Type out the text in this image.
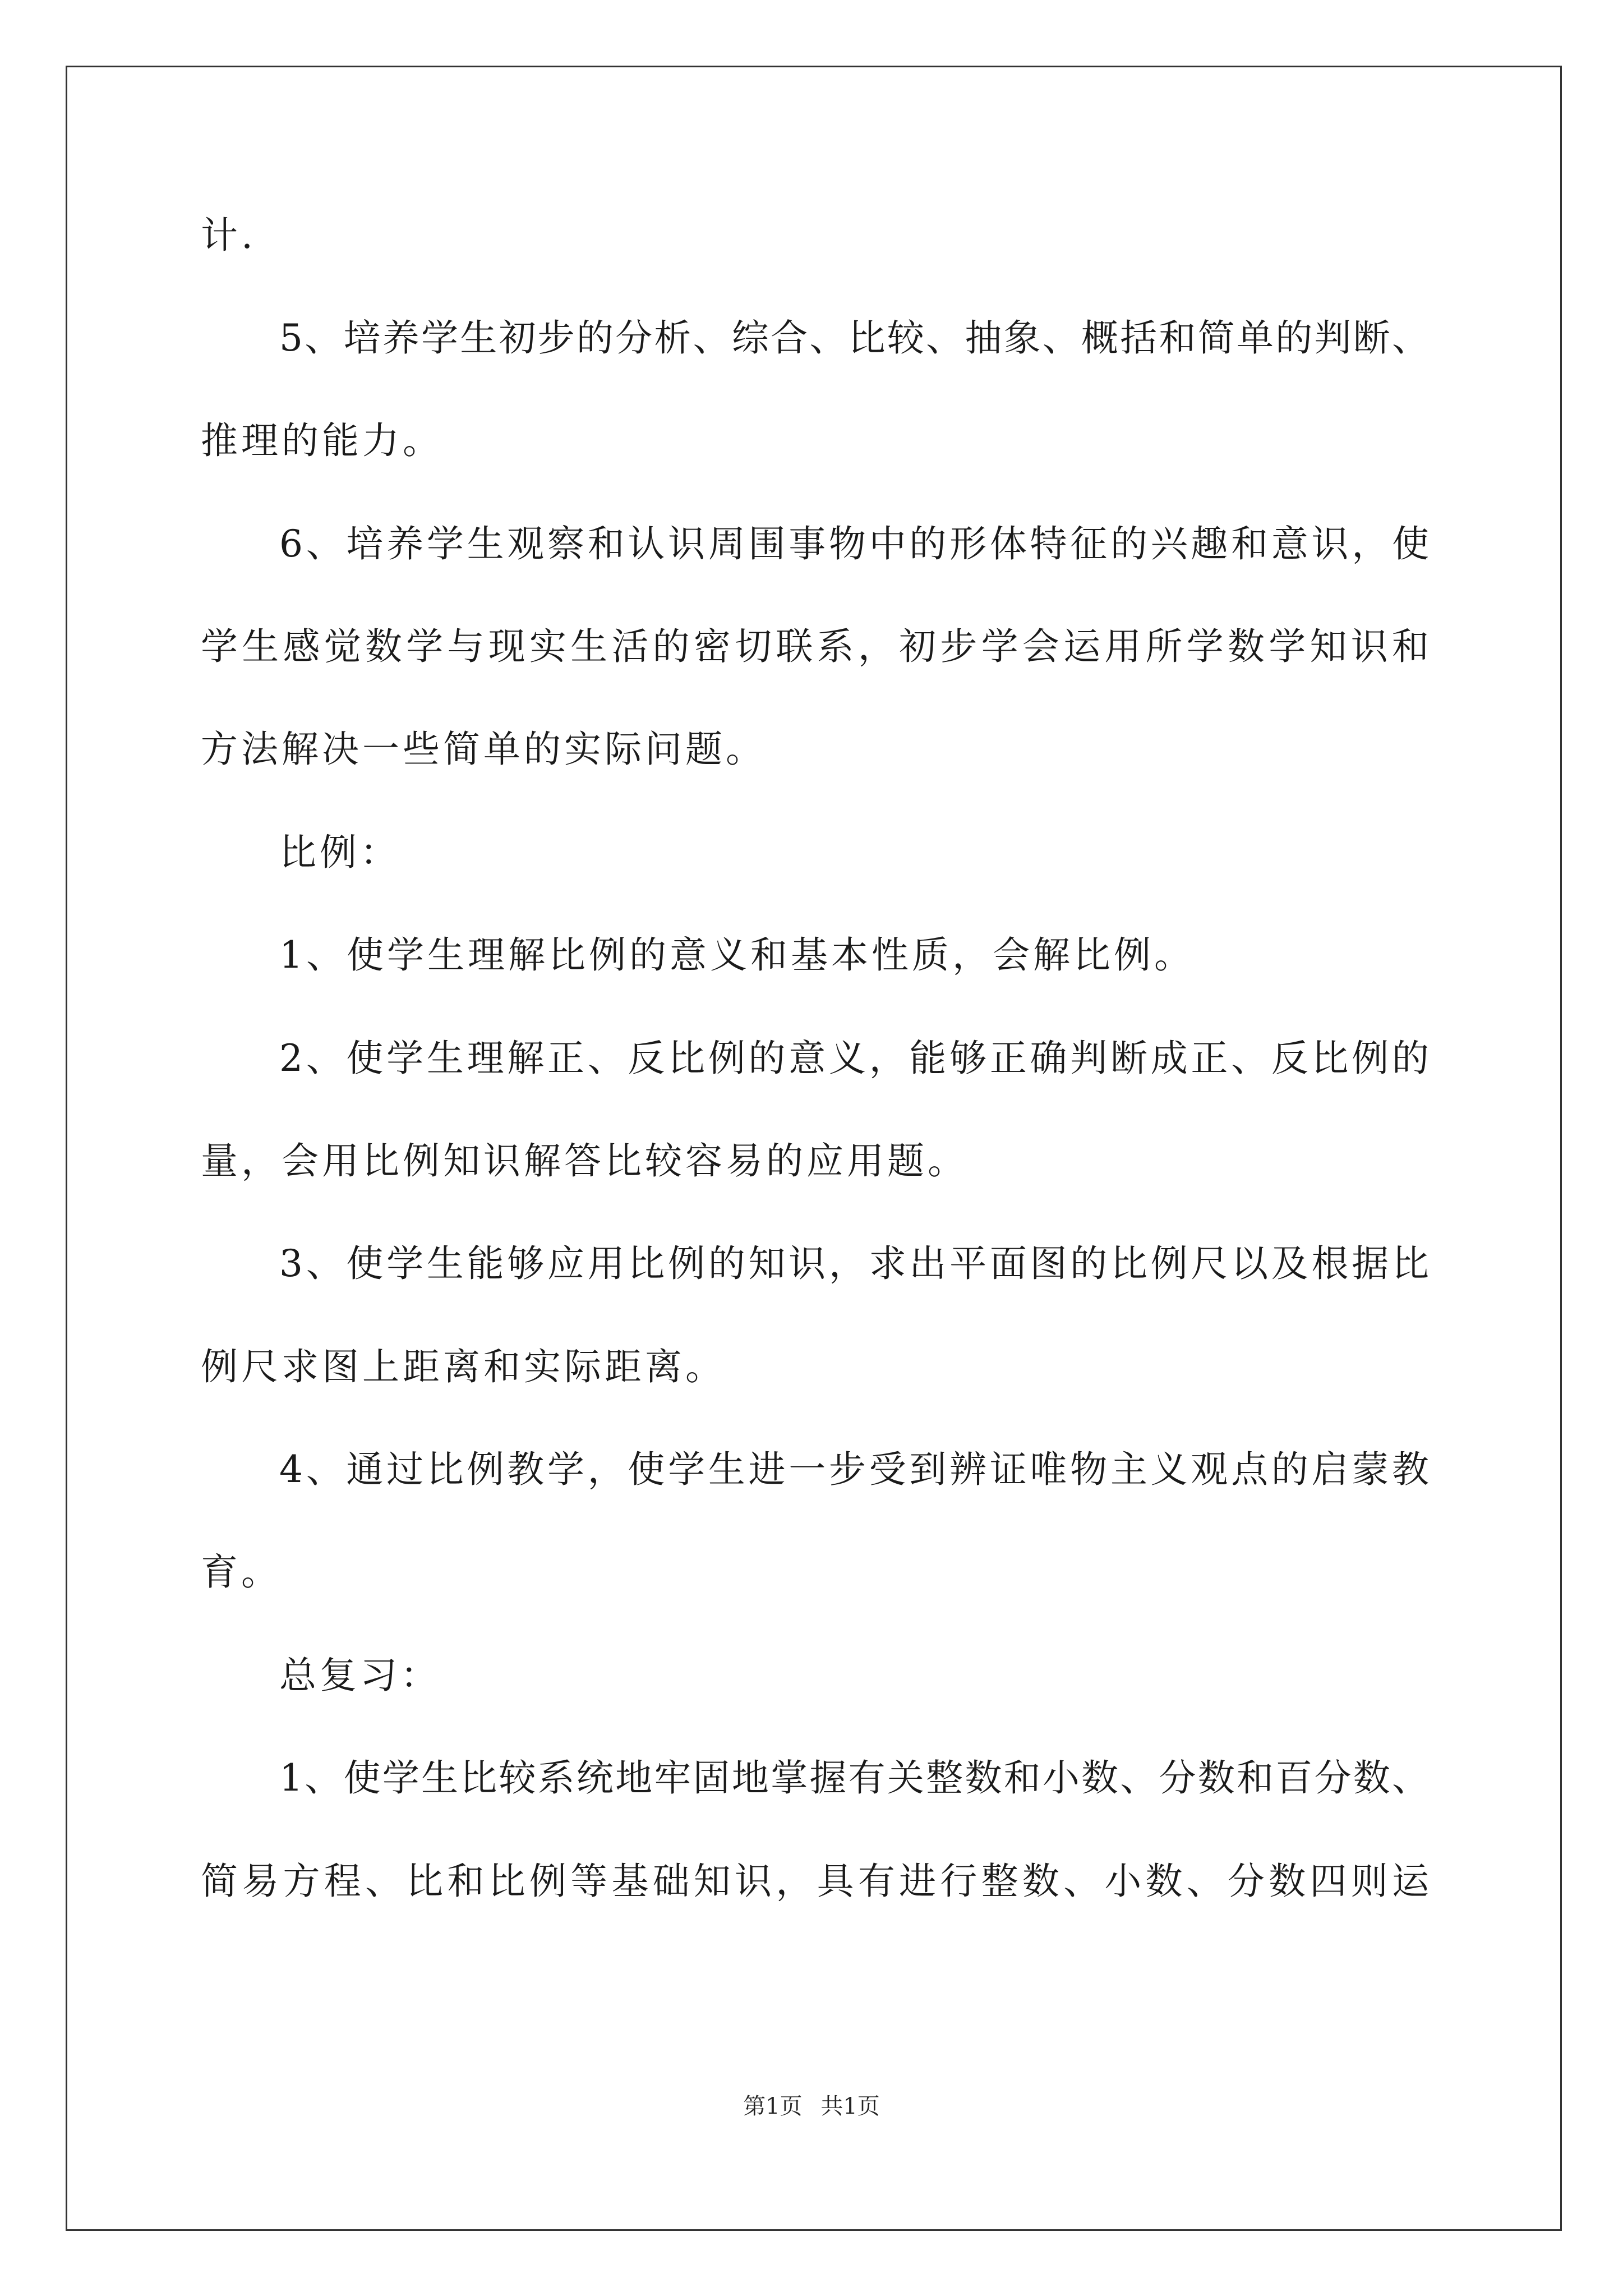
计.
5、培养学生初步的分析、综合、比较、抽象、概括和简单的判断、
推理的能力。
6、培养学生观察和认识周围事物中的形体特征的兴趣和意识，使
学生感觉数学与现实生活的密切联系，初步学会运用所学数学知识和
方法解决一些简单的实际问题。
比例：
1、使学生理解比例的意义和基本性质，会解比例。
2、使学生理解正、反比例的意义，能够正确判断成正、反比例的
量，会用比例知识解答比较容易的应用题。
3、使学生能够应用比例的知识，求出平面图的比例尺以及根据比
例尺求图上距离和实际距离。
4、通过比例教学，使学生进一步受到辨证唯物主义观点的启蒙教
育。
总复习：
1、使学生比较系统地牢固地掌握有关整数和小数、分数和百分数、
简易方程、比和比例等基础知识，具有进行整数、小数、分数四则运
第1页 共1页
